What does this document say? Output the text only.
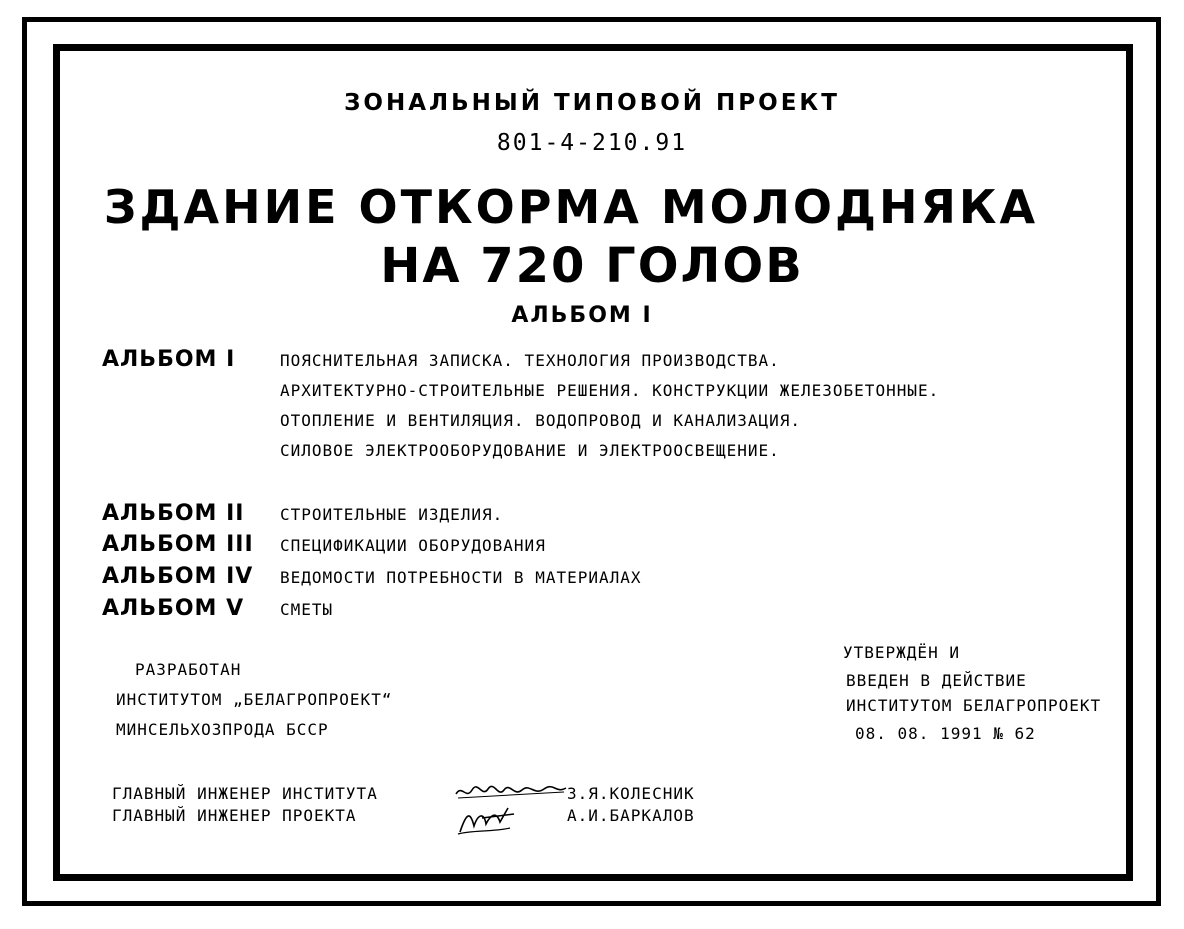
ЗОНАЛЬНЫЙ ТИПОВОЙ ПРОЕКТ
801-4-210.91
ЗДАНИЕ ОТКОРМА МОЛОДНЯКА
НА 720 ГОЛОВ
АЛЬБОМ I
АЛЬБОМ I	ПОЯСНИТЕЛЬНАЯ ЗАПИСКА. ТЕХНОЛОГИЯ ПРОИЗВОДСТВА.
АРХИТЕКТУРНО-СТРОИТЕЛЬНЫЕ РЕШЕНИЯ. КОНСТРУКЦИИ ЖЕЛЕЗОБЕТОННЫЕ.
ОТОПЛЕНИЕ И ВЕНТИЛЯЦИЯ. ВОДОПРОВОД И КАНАЛИЗАЦИЯ.
СИЛОВОЕ ЭЛЕКТРООБОРУДОВАНИЕ И ЭЛЕКТРООСВЕЩЕНИЕ.
АЛЬБОМ II СТРОИТЕЛЬНЫЕ ИЗДЕЛИЯ.
АЛЬБОМ III СПЕЦИФИКАЦИИ ОБОРУДОВАНИЯ
АЛЬБОМ IV ВЕДОМОСТИ ПОТРЕБНОСТИ В МАТЕРИАЛАХ
АЛЬБОМ V СМЕТЫ
РАЗРАБОТАН
ИНСТИТУТОМ „БЕЛАГРОПРОЕКТ“
МИНСЕЛЬХОЗПРОДА БССР
УТВЕРЖДЁН И
ВВЕДЕН В ДЕЙСТВИЕ
ИНСТИТУТОМ БЕЛАГРОПРОЕКТ
08. 08. 1991 № 62
ГЛАВНЫЙ ИНЖЕНЕР ИНСТИТУТА	З.Я.КОЛЕСНИК
ГЛАВНЫЙ ИНЖЕНЕР ПРОЕКТА	А.И.БАРКАЛОВ
